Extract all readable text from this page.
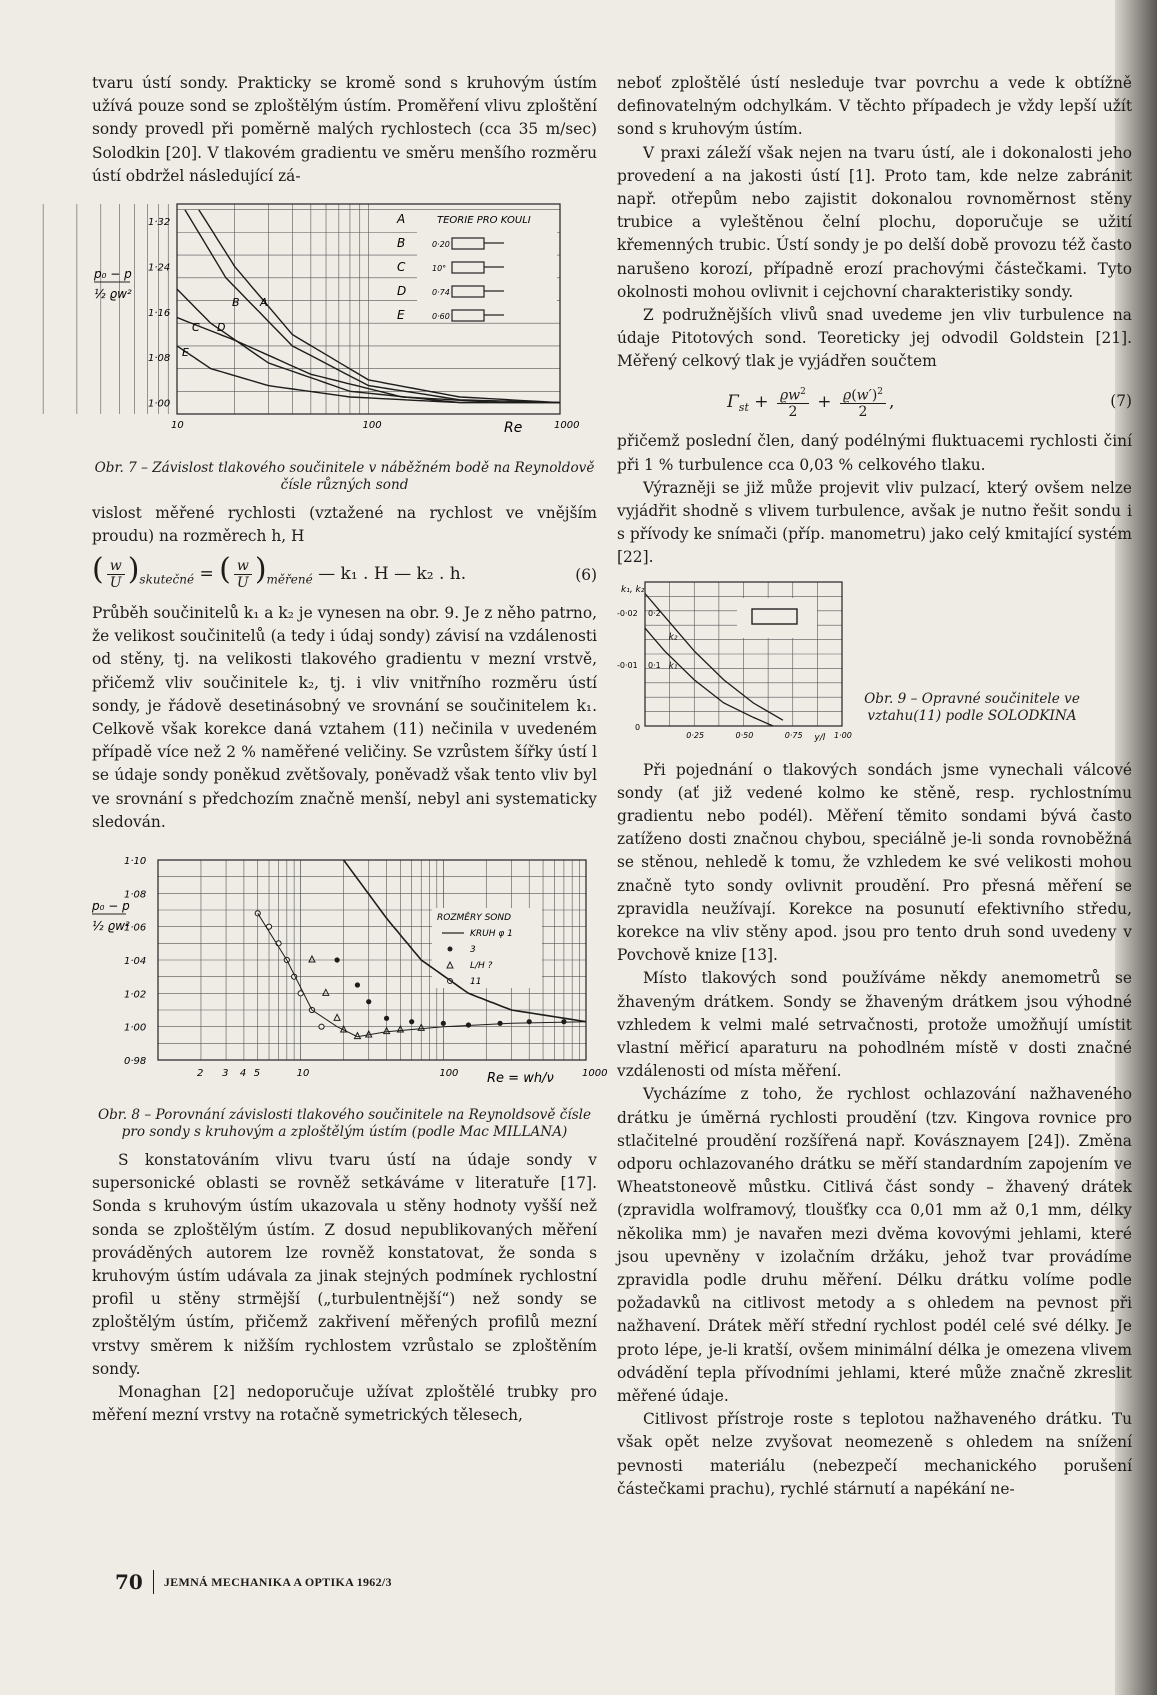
tvaru ústí sondy. Prakticky se kromě sond s kruhovým ústím užívá pouze sond se zploštělým ústím. Proměření vlivu zploštění sondy provedl při poměrně malých rychlostech (cca 35 m/sec) Solodkin [20]. V tlakovém gradientu ve směru menšího rozměru ústí obdržel následující zá-

TEORIE PRO KOULI
A
B	0·20
C	10°
D	0·74
E	0·60
B A
C D
E
1·00
1·08
1·16
1·24
1·32
10	100	1000
Re
p₀ − p
½ ϱw²
Obr. 7 – Závislost tlakového součinitele v náběžném bodě na Reynoldově čísle různých sond

vislost měřené rychlosti (vztažené na rychlost ve vnějším proudu) na rozměrech h, H

( $\frac{w}{U} )_{skutečné}$ = ( $\frac{w}{U} )_{měřené}$ — k₁ . H — k₂ . h.	(6)

Průběh součinitelů k₁ a k₂ je vynesen na obr. 9. Je z něho patrno, že velikost součinitelů (a tedy i údaj sondy) závisí na vzdálenosti od stěny, tj. na velikosti tlakového gradientu v mezní vrstvě, přičemž vliv součinitele k₂, tj. i vliv vnitřního rozměru ústí sondy, je řádově desetinásobný ve srovnání se součinitelem k₁. Celkově však korekce daná vztahem (11) nečinila v uvedeném případě více než 2 % naměřené veličiny. Se vzrůstem šířky ústí l se údaje sondy poněkud zvětšovaly, poněvadž však tento vliv byl ve srovnání s předchozím značně menší, nebyl ani systematicky sledován.

ROZMĚRY SOND
KRUH φ 1
3
L/H ?
11
0·98
1·00
1·02
1·04
1·06
1·08
1·10
2 3 4 5	10	100	1000
Re = wh/ν
p₀ − p
½ ϱw²
Obr. 8 – Porovnání závislosti tlakového součinitele na Reynoldsově čísle pro sondy s kruhovým a zploštělým ústím (podle Mac MILLANA)

S konstatováním vlivu tvaru ústí na údaje sondy v supersonické oblasti se rovněž setkáváme v literatuře [17]. Sonda s kruhovým ústím ukazovala u stěny hodnoty vyšší než sonda se zploštělým ústím. Z dosud nepublikovaných měření prováděných autorem lze rovněž konstatovat, že sonda s kruhovým ústím udávala za jinak stejných podmínek rychlostní profil u stěny strmější („turbulentnější“) než sondy se zploštělým ústím, přičemž zakřivení měřených profilů mezní vrstvy směrem k nižším rychlostem vzrůstalo se zploštěním sondy.

Monaghan [2] nedoporučuje užívat zploštělé trubky pro měření mezní vrstvy na rotačně symetrických tělesech,

neboť zploštělé ústí nesleduje tvar povrchu a vede k obtížně definovatelným odchylkám. V těchto případech je vždy lepší užít sond s kruhovým ústím.

V praxi záleží však nejen na tvaru ústí, ale i dokonalosti jeho provedení a na jakosti ústí [1]. Proto tam, kde nelze zabránit např. otřepům nebo zajistit dokonalou rovnoměrnost stěny trubice a vyleštěnou čelní plochu, doporučuje se užití křemenných trubic. Ústí sondy je po delší době provozu též často narušeno korozí, případně erozí prachovými částečkami. Tyto okolnosti mohou ovlivnit i cejchovní charakteristiky sondy.

Z podružnějších vlivů snad uvedeme jen vliv turbulence na údaje Pitotových sond. Teoreticky jej odvodil Goldstein [21]. Měřený celkový tlak je vyjádřen součtem

$\Gamma_{st} + \frac{ϱw^2}{2} + \frac{ϱ(w')^2}{2}$ ,	(7)

přičemž poslední člen, daný podélnými fluktuacemi rychlosti činí při 1 % turbulence cca 0,03 % celkového tlaku.

Výrazněji se již může projevit vliv pulzací, který ovšem nelze vyjádřit shodně s vlivem turbulence, avšak je nutno řešit sondu i s přívody ke snímači (příp. manometru) jako celý kmitající systém [22].

k₂
k₁
0·25	0·50	0·75	1·00
y/l
0·2
0·1
-0·02
-0·01
k₁, k₂
0
Obr. 9 – Opravné součinitele ve vztahu(11) podle SOLODKINA

Při pojednání o tlakových sondách jsme vynechali válcové sondy (ať již vedené kolmo ke stěně, resp. rychlostnímu gradientu nebo podél). Měření těmito sondami bývá často zatíženo dosti značnou chybou, speciálně je-li sonda rovnoběžná se stěnou, nehledě k tomu, že vzhledem ke své velikosti mohou značně tyto sondy ovlivnit proudění. Pro přesná měření se zpravidla neužívají. Korekce na posunutí efektivního středu, korekce na vliv stěny apod. jsou pro tento druh sond uvedeny v Povchově knize [13].

Místo tlakových sond používáme někdy anemometrů se žhaveným drátkem. Sondy se žhaveným drátkem jsou výhodné vzhledem k velmi malé setrvačnosti, protože umožňují umístit vlastní měřicí aparaturu na pohodlném místě v dosti značné vzdálenosti od místa měření.

Vycházíme z toho, že rychlost ochlazování nažhaveného drátku je úměrná rychlosti proudění (tzv. Kingova rovnice pro stlačitelné proudění rozšířená např. Kovásznayem [24]). Změna odporu ochlazovaného drátku se měří standardním zapojením ve Wheatstoneově můstku. Citlivá část sondy – žhavený drátek (zpravidla wolframový, tloušťky cca 0,01 mm až 0,1 mm, délky několika mm) je navařen mezi dvěma kovovými jehlami, které jsou upevněny v izolačním držáku, jehož tvar provádíme zpravidla podle druhu měření. Délku drátku volíme podle požadavků na citlivost metody a s ohledem na pevnost při nažhavení. Drátek měří střední rychlost podél celé své délky. Je proto lépe, je-li kratší, ovšem minimální délka je omezena vlivem odvádění tepla přívodními jehlami, které může značně zkreslit měřené údaje.

Citlivost přístroje roste s teplotou nažhaveného drátku. Tu však opět nelze zvyšovat neomezeně s ohledem na snížení pevnosti materiálu (nebezpečí mechanického porušení částečkami prachu), rychlé stárnutí a napékání ne-

70 JEMNÁ MECHANIKA A OPTIKA 1962/3
